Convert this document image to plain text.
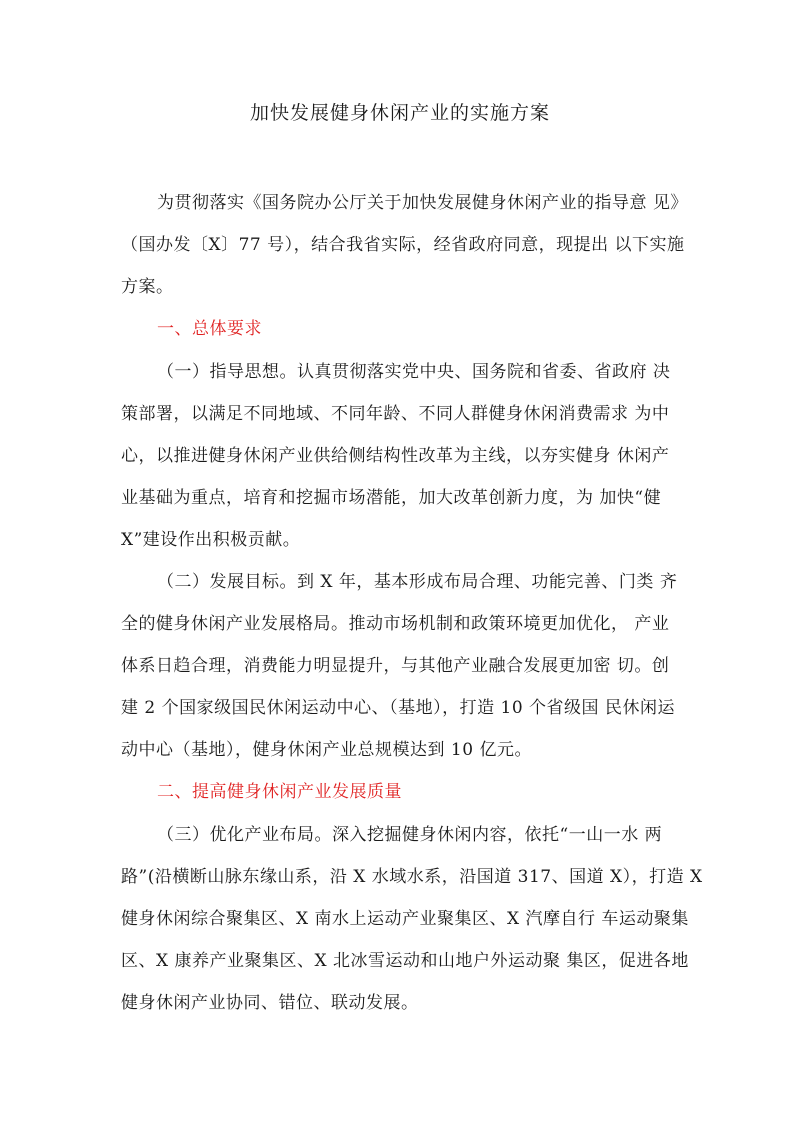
加快发展健身休闲产业的实施方案
为贯彻落实《国务院办公厅关于加快发展健身休闲产业的指导意 见》
（国办发〔X〕77 号），结合我省实际，经省政府同意，现提出 以下实施
方案。
一、总体要求
（一）指导思想。认真贯彻落实党中央、国务院和省委、省政府 决
策部署，以满足不同地域、不同年龄、不同人群健身休闲消费需求 为中
心，以推进健身休闲产业供给侧结构性改革为主线，以夯实健身 休闲产
业基础为重点，培育和挖掘市场潜能，加大改革创新力度，为 加快“健
X”建设作出积极贡献。
（二）发展目标。到 X 年，基本形成布局合理、功能完善、门类 齐
全的健身休闲产业发展格局。推动市场机制和政策环境更加优化， 产业
体系日趋合理，消费能力明显提升，与其他产业融合发展更加密 切。创
建 2 个国家级国民休闲运动中心、（基地），打造 10 个省级国 民休闲运
动中心（基地），健身休闲产业总规模达到 10 亿元。
二、提高健身休闲产业发展质量
（三）优化产业布局。深入挖掘健身休闲内容，依托“一山一水 两
路”(沿横断山脉东缘山系，沿 X 水域水系，沿国道 317、国道 X），打造 X
健身休闲综合聚集区、X 南水上运动产业聚集区、X 汽摩自行 车运动聚集
区、X 康养产业聚集区、X 北冰雪运动和山地户外运动聚 集区，促进各地
健身休闲产业协同、错位、联动发展。
